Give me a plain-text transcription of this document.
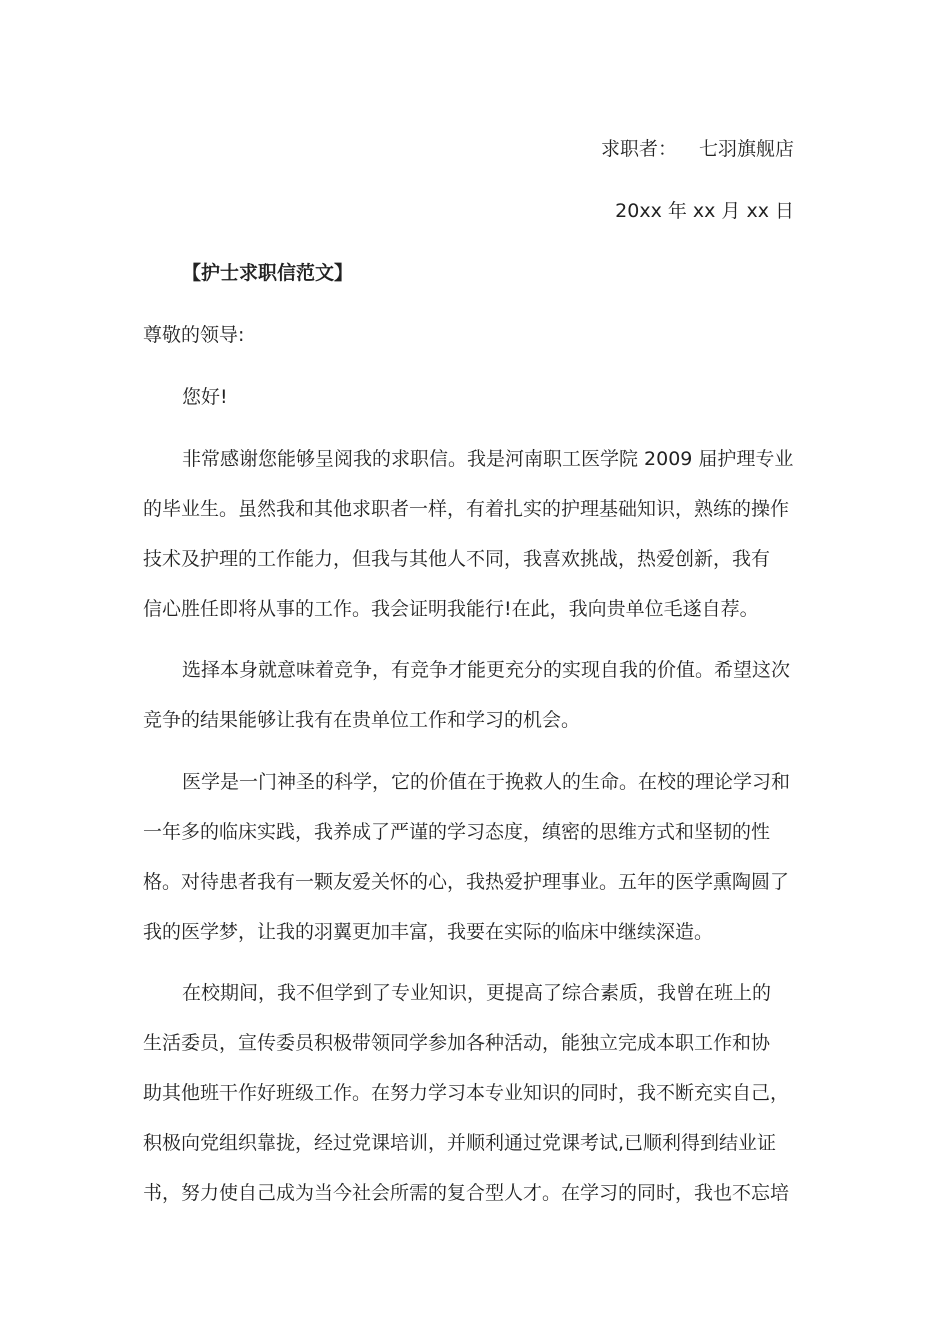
求职者： 七羽旗舰店
20xx 年 xx 月 xx 日
【护士求职信范文】
尊敬的领导:
您好!
非常感谢您能够呈阅我的求职信。我是河南职工医学院 2009 届护理专业
的毕业生。虽然我和其他求职者一样，有着扎实的护理基础知识，熟练的操作
技术及护理的工作能力，但我与其他人不同，我喜欢挑战，热爱创新，我有
信心胜任即将从事的工作。我会证明我能行!在此，我向贵单位毛遂自荐。
选择本身就意味着竞争，有竞争才能更充分的实现自我的价值。希望这次
竞争的结果能够让我有在贵单位工作和学习的机会。
医学是一门神圣的科学，它的价值在于挽救人的生命。在校的理论学习和
一年多的临床实践，我养成了严谨的学习态度，缜密的思维方式和坚韧的性
格。对待患者我有一颗友爱关怀的心，我热爱护理事业。五年的医学熏陶圆了
我的医学梦，让我的羽翼更加丰富，我要在实际的临床中继续深造。
在校期间，我不但学到了专业知识，更提高了综合素质，我曾在班上的
生活委员，宣传委员积极带领同学参加各种活动，能独立完成本职工作和协
助其他班干作好班级工作。在努力学习本专业知识的同时，我不断充实自己，
积极向党组织靠拢，经过党课培训，并顺利通过党课考试,已顺利得到结业证
书，努力使自己成为当今社会所需的复合型人才。在学习的同时，我也不忘培
